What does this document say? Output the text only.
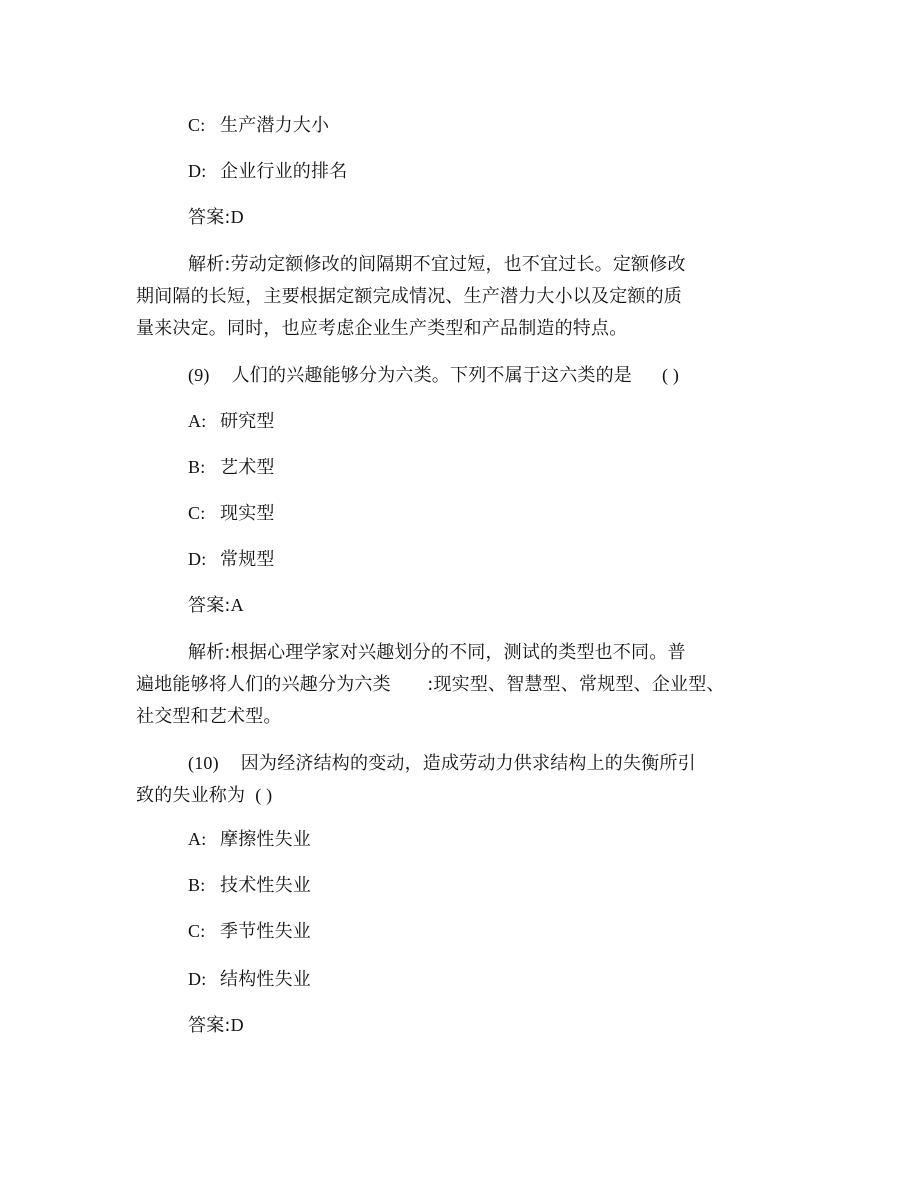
C: 生产潜力大小
D: 企业行业的排名
答案:D
解析:劳动定额修改的间隔期不宜过短，也不宜过长。定额修改
期间隔的长短，主要根据定额完成情况、生产潜力大小以及定额的质
量来决定。同时，也应考虑企业生产类型和产品制造的特点。
(9) 人们的兴趣能够分为六类。下列不属于这六类的是 ( )
A: 研究型
B: 艺术型
C: 现实型
D: 常规型
答案:A
解析:根据心理学家对兴趣划分的不同，测试的类型也不同。普
遍地能够将人们的兴趣分为六类　　:现实型、智慧型、常规型、企业型、
社交型和艺术型。
(10) 因为经济结构的变动，造成劳动力供求结构上的失衡所引
致的失业称为 ( )
A: 摩擦性失业
B: 技术性失业
C: 季节性失业
D: 结构性失业
答案:D
